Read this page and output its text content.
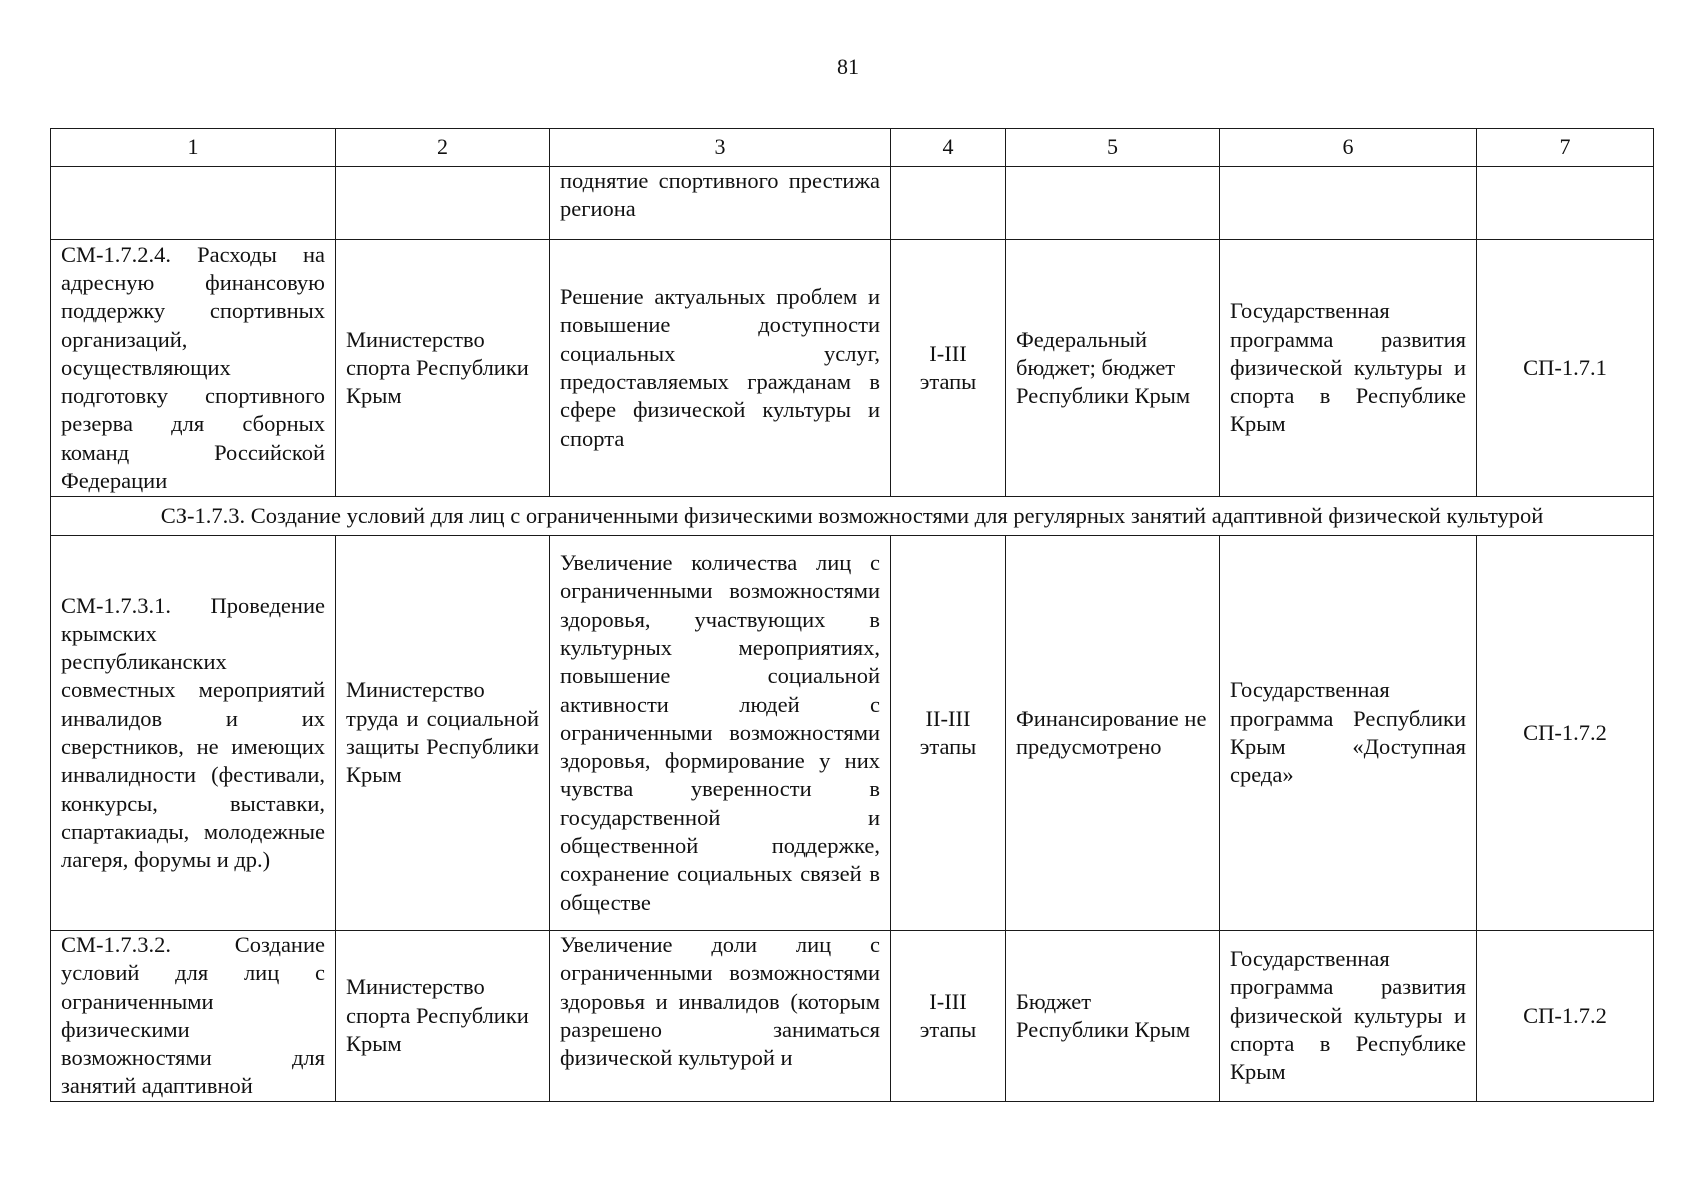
81
1	2	3	4	5	6	7
		поднятие спортивного престижа региона				
СМ-1.7.2.4. Расходы на адресную финансовую поддержку спортивных организаций, осуществляющих подготовку спортивного резерва для сборных команд Российской Федерации	Министерство спорта Республики Крым	Решение актуальных проблем и повышение доступности социальных услуг, предоставляемых гражданам в сфере физической культуры и спорта	I-III этапы	Федеральный бюджет; бюджет Республики Крым	Государственная программа развития физической культуры и спорта в Республике Крым	СП-1.7.1
СЗ-1.7.3. Создание условий для лиц с ограниченными физическими возможностями для регулярных занятий адаптивной физической культурой						
СМ-1.7.3.1. Проведение крымских республиканских совместных мероприятий инвалидов и их сверстников, не имеющих инвалидности (фестивали, конкурсы, выставки, спартакиады, молодежные лагеря, форумы и др.)	Министерство труда и социальной защиты Республики Крым	Увеличение количества лиц с ограниченными возможностями здоровья, участвующих в культурных мероприятиях, повышение социальной активности людей с ограниченными возможностями здоровья, формирование у них чувства уверенности в государственной и общественной поддержке, сохранение социальных связей в обществе	II-III этапы	Финансирование не предусмотрено	Государственная программа Республики Крым «Доступная среда»	СП-1.7.2
СМ-1.7.3.2. Создание условий для лиц с ограниченными физическими возможностями для занятий адаптивной	Министерство спорта Республики Крым	Увеличение доли лиц с ограниченными возможностями здоровья и инвалидов (которым разрешено заниматься физической культурой и	I-III этапы	Бюджет Республики Крым	Государственная программа развития физической культуры и спорта в Республике Крым	СП-1.7.2
